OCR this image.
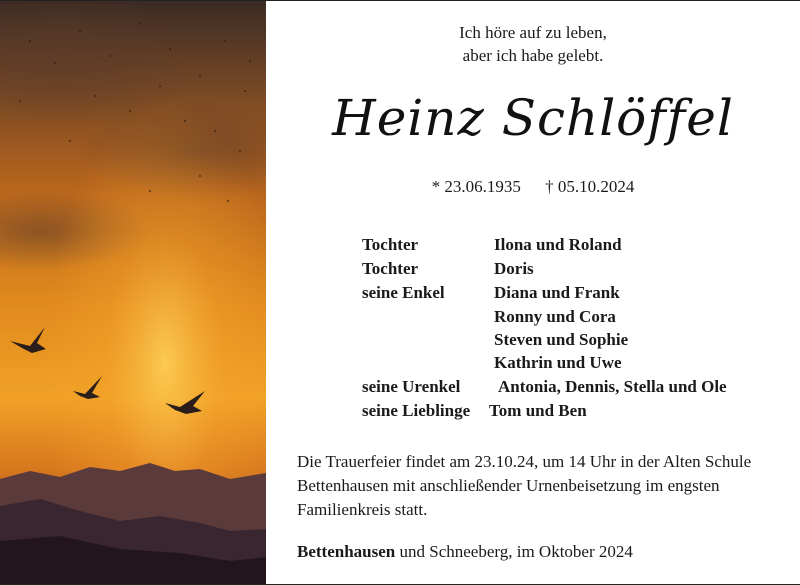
Ich höre auf zu leben,
aber ich habe gelebt.
Heinz Schlöffel
* 23.06.1935 † 05.10.2024
Tochter	Ilona und Roland
Tochter	Doris
seine Enkel	Diana und Frank
Ronny und Cora
Steven und Sophie
Kathrin und Uwe
seine Urenkel Antonia, Dennis, Stella und Ole
seine Lieblinge Tom und Ben
Die Trauerfeier findet am 23.10.24, um 14 Uhr in der Alten Schule Bettenhausen mit anschließender Urnenbeisetzung im engsten Familienkreis statt.
Bettenhausen und Schneeberg, im Oktober 2024
